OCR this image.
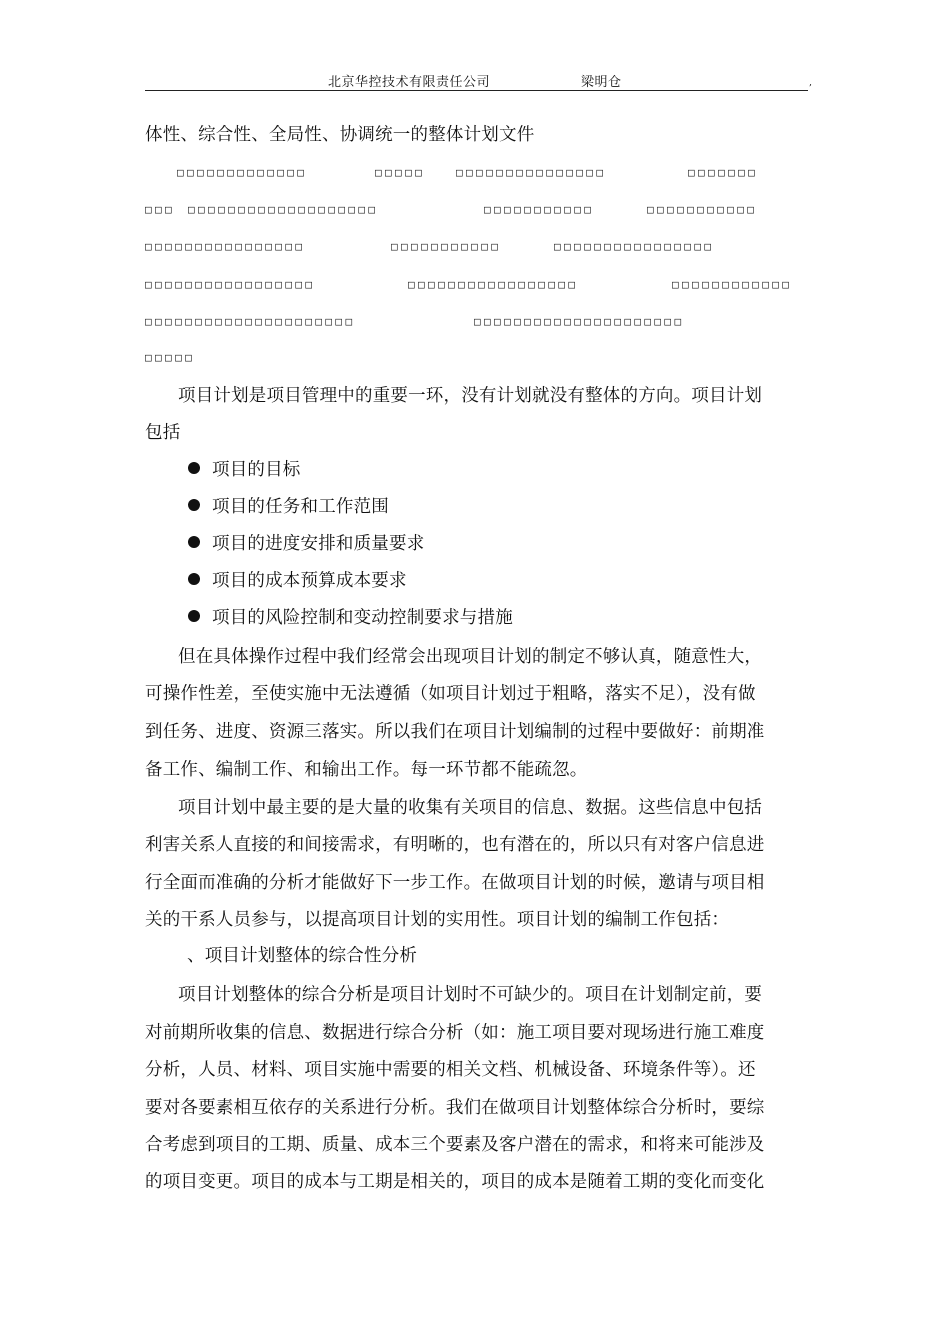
北京华控技术有限责任公司	梁明仓	,
体性、综合性、全局性、协调统一的整体计划文件
□□□□□□□□□□□□□	□□□□□	□□□□□□□□□□□□□□□	□□□□□□□
□□□ □□□□□□□□□□□□□□□□□□□	□□□□□□□□□□□	□□□□□□□□□□□
□□□□□□□□□□□□□□□□	□□□□□□□□□□□	□□□□□□□□□□□□□□□□
□□□□□□□□□□□□□□□□□	□□□□□□□□□□□□□□□□□	□□□□□□□□□□□□
□□□□□□□□□□□□□□□□□□□□□	□□□□□□□□□□□□□□□□□□□□□
□□□□□
项目计划是项目管理中的重要一环，没有计划就没有整体的方向。项目计划
包括
项目的目标
项目的任务和工作范围
项目的进度安排和质量要求
项目的成本预算成本要求
项目的风险控制和变动控制要求与措施
但在具体操作过程中我们经常会出现项目计划的制定不够认真，随意性大，
可操作性差，至使实施中无法遵循（如项目计划过于粗略，落实不足），没有做
到任务、进度、资源三落实。所以我们在项目计划编制的过程中要做好：前期准
备工作、编制工作、和输出工作。每一环节都不能疏忽。
项目计划中最主要的是大量的收集有关项目的信息、数据。这些信息中包括
利害关系人直接的和间接需求，有明晰的，也有潜在的，所以只有对客户信息进
行全面而准确的分析才能做好下一步工作。在做项目计划的时候，邀请与项目相
关的干系人员参与，以提高项目计划的实用性。项目计划的编制工作包括：
、项目计划整体的综合性分析
项目计划整体的综合分析是项目计划时不可缺少的。项目在计划制定前，要
对前期所收集的信息、数据进行综合分析（如：施工项目要对现场进行施工难度
分析，人员、材料、项目实施中需要的相关文档、机械设备、环境条件等）。还
要对各要素相互依存的关系进行分析。我们在做项目计划整体综合分析时，要综
合考虑到项目的工期、质量、成本三个要素及客户潜在的需求，和将来可能涉及
的项目变更。项目的成本与工期是相关的，项目的成本是随着工期的变化而变化
